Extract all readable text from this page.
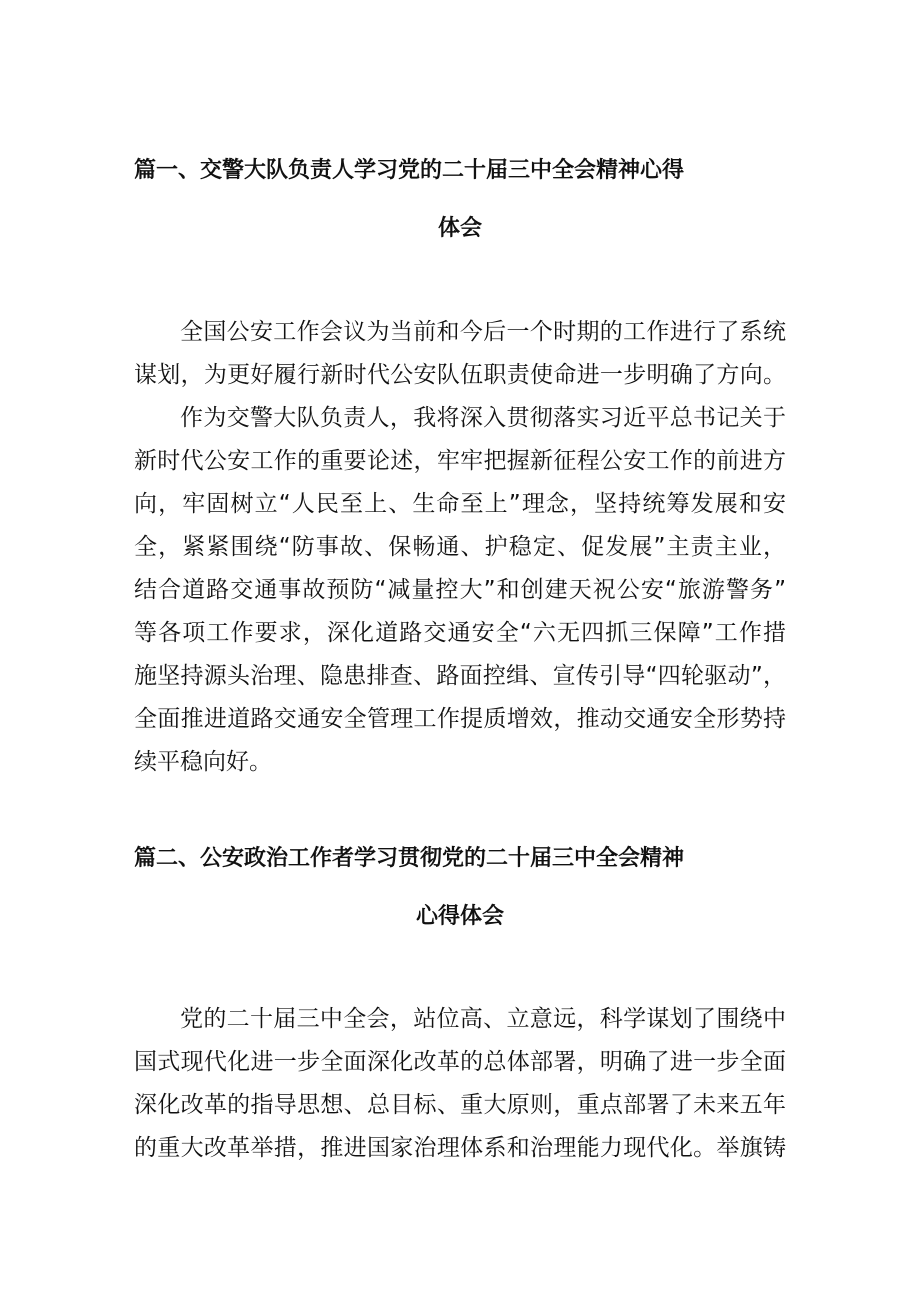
篇一、交警大队负责人学习党的二十届三中全会精神心得
体会
全国公安工作会议为当前和今后一个时期的工作进行了系统
谋划，为更好履行新时代公安队伍职责使命进一步明确了方向。
作为交警大队负责人，我将深入贯彻落实习近平总书记关于
新时代公安工作的重要论述，牢牢把握新征程公安工作的前进方
向，牢固树立“人民至上、生命至上”理念，坚持统筹发展和安
全，紧紧围绕“防事故、保畅通、护稳定、促发展”主责主业，
结合道路交通事故预防“减量控大”和创建天祝公安“旅游警务”
等各项工作要求，深化道路交通安全“六无四抓三保障”工作措
施坚持源头治理、隐患排查、路面控缉、宣传引导“四轮驱动”，
全面推进道路交通安全管理工作提质增效，推动交通安全形势持
续平稳向好。
篇二、公安政治工作者学习贯彻党的二十届三中全会精神
心得体会
党的二十届三中全会，站位高、立意远，科学谋划了围绕中
国式现代化进一步全面深化改革的总体部署，明确了进一步全面
深化改革的指导思想、总目标、重大原则，重点部署了未来五年
的重大改革举措，推进国家治理体系和治理能力现代化。举旗铸
